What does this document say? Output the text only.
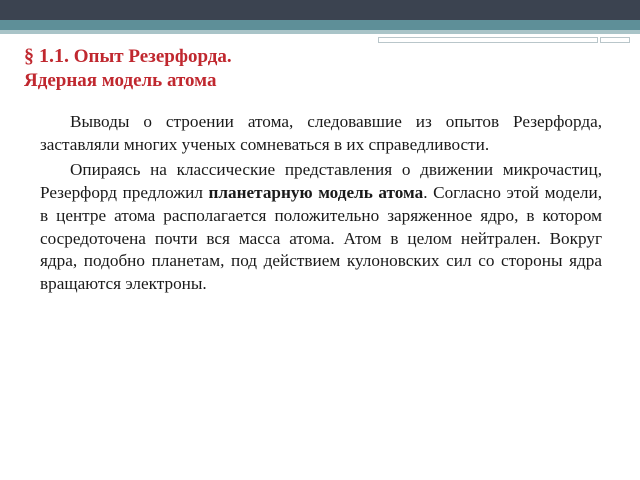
§ 1.1. Опыт Резерфорда.
Ядерная модель атома

Выводы о строении атома, следовавшие из опытов Резерфорда, заставляли многих ученых сомневаться в их справедливости.

Опираясь на классические представления о движении микрочастиц, Резерфорд предложил планетарную модель атома. Согласно этой модели, в центре атома располагается положительно заряженное ядро, в котором сосредоточена почти вся масса атома. Атом в целом нейтрален. Вокруг ядра, подобно планетам, под действием кулоновских сил со стороны ядра вращаются электроны.
